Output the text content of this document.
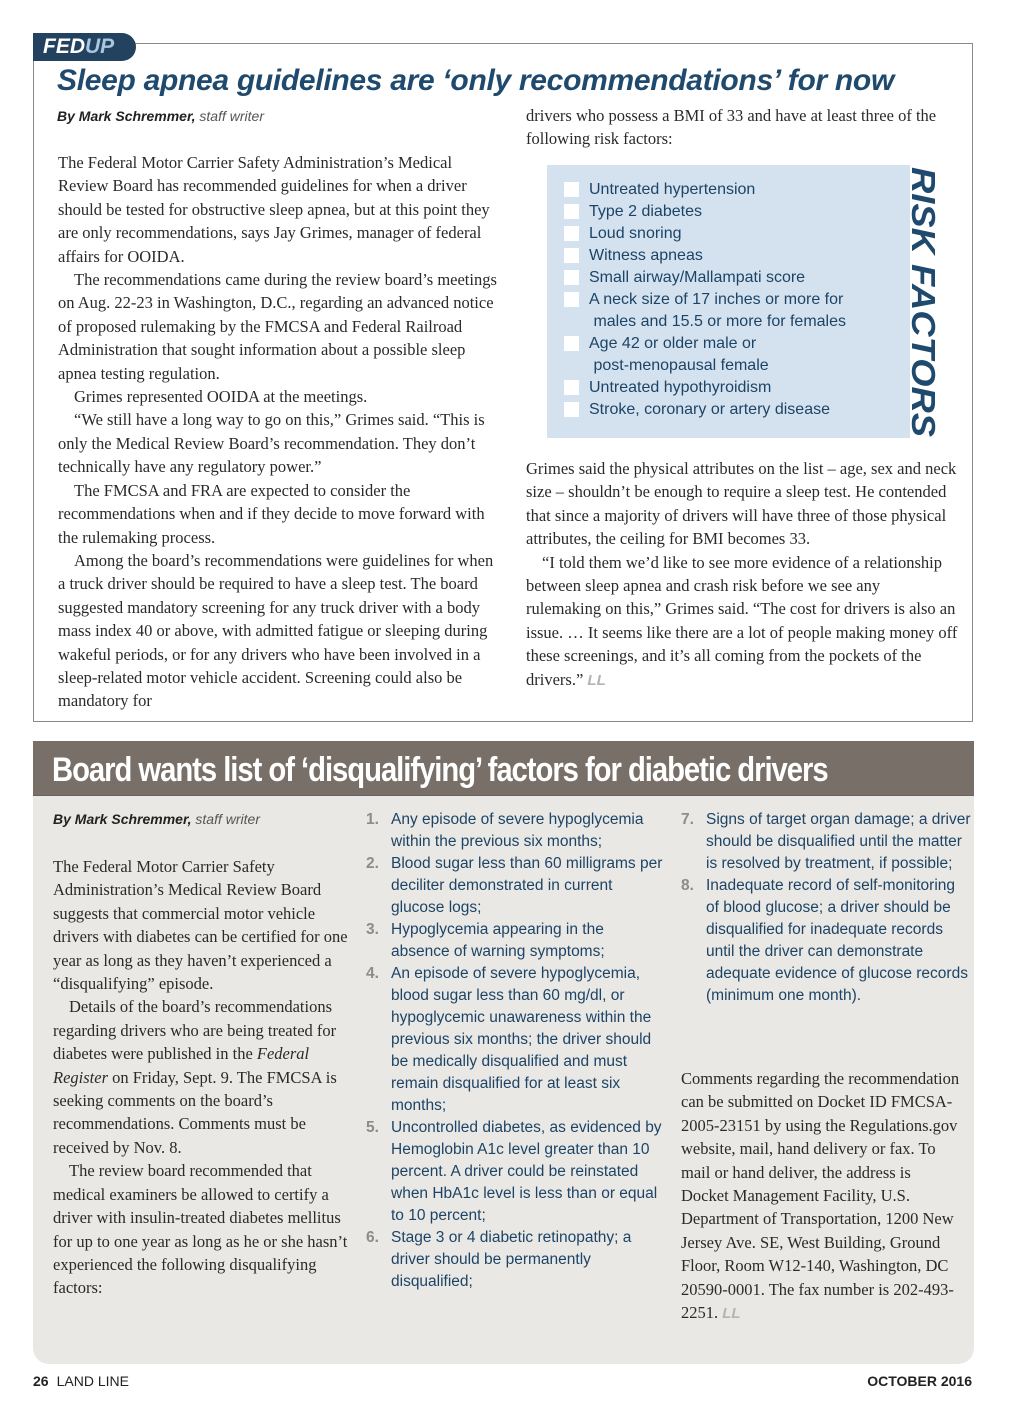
FEDUP
Sleep apnea guidelines are ‘only recommendations’ for now
By Mark Schremmer, staff writer

The Federal Motor Carrier Safety Administration’s Medical Review Board has recommended guidelines for when a driver should be tested for obstructive sleep apnea, but at this point they are only recommendations, says Jay Grimes, manager of federal affairs for OOIDA.

The recommendations came during the review board’s meetings on Aug. 22-23 in Washington, D.C., regarding an advanced notice of proposed rulemaking by the FMCSA and Federal Railroad Administration that sought information about a possible sleep apnea testing regulation.

Grimes represented OOIDA at the meetings.

“We still have a long way to go on this,” Grimes said. “This is only the Medical Review Board’s recommendation. They don’t technically have any regulatory power.”

The FMCSA and FRA are expected to consider the recommendations when and if they decide to move forward with the rulemaking process.

Among the board’s recommendations were guidelines for when a truck driver should be required to have a sleep test. The board suggested mandatory screening for any truck driver with a body mass index 40 or above, with admitted fatigue or sleeping during wakeful periods, or for any drivers who have been involved in a sleep-related motor vehicle accident. Screening could also be mandatory for

drivers who possess a BMI of 33 and have at least three of the following risk factors:

Untreated hypertension
Type 2 diabetes
Loud snoring
Witness apneas
Small airway/Mallampati score
A neck size of 17 inches or more for
males and 15.5 or more for females
Age 42 or older male or
post-menopausal female
Untreated hypothyroidism
Stroke, coronary or artery disease	RISK FACTORS

Grimes said the physical attributes on the list – age, sex and neck size – shouldn’t be enough to require a sleep test. He contended that since a majority of drivers will have three of those physical attributes, the ceiling for BMI becomes 33.

“I told them we’d like to see more evidence of a relationship between sleep apnea and crash risk before we see any rulemaking on this,” Grimes said. “The cost for drivers is also an issue. … It seems like there are a lot of people making money off these screenings, and it’s all coming from the pockets of the drivers.” LL

Board wants list of ‘disqualifying’ factors for diabetic drivers
By Mark Schremmer, staff writer

The Federal Motor Carrier Safety Administration’s Medical Review Board suggests that commercial motor vehicle drivers with diabetes can be certified for one year as long as they haven’t experienced a “disqualifying” episode.

Details of the board’s recommendations regarding drivers who are being treated for diabetes were published in the Federal Register on Friday, Sept. 9. The FMCSA is seeking comments on the board’s recommendations. Comments must be received by Nov. 8.

The review board recommended that medical examiners be allowed to certify a driver with insulin-treated diabetes mellitus for up to one year as long as he or she hasn’t experienced the following disqualifying factors:

1. Any episode of severe hypoglycemia within the previous six months;
2. Blood sugar less than 60 milligrams per deciliter demonstrated in current glucose logs;
3. Hypoglycemia appearing in the absence of warning symptoms;
4. An episode of severe hypoglycemia, blood sugar less than 60 mg/dl, or hypoglycemic unawareness within the previous six months; the driver should be medically disqualified and must remain disqualified for at least six months;
5. Uncontrolled diabetes, as evidenced by Hemoglobin A1c level greater than 10 percent. A driver could be reinstated when HbA1c level is less than or equal to 10 percent;
6. Stage 3 or 4 diabetic retinopathy; a driver should be permanently disqualified;
7. Signs of target organ damage; a driver should be disqualified until the matter is resolved by treatment, if possible;
8. Inadequate record of self-monitoring of blood glucose; a driver should be disqualified for inadequate records until the driver can demonstrate adequate evidence of glucose records (minimum one month).

Comments regarding the recommendation can be submitted on Docket ID FMCSA-2005-23151 by using the Regulations.gov website, mail, hand delivery or fax. To mail or hand deliver, the address is Docket Management Facility, U.S. Department of Transportation, 1200 New Jersey Ave. SE, West Building, Ground Floor, Room W12-140, Washington, DC 20590-0001. The fax number is 202-493-2251. LL

26 LAND LINE	OCTOBER 2016
